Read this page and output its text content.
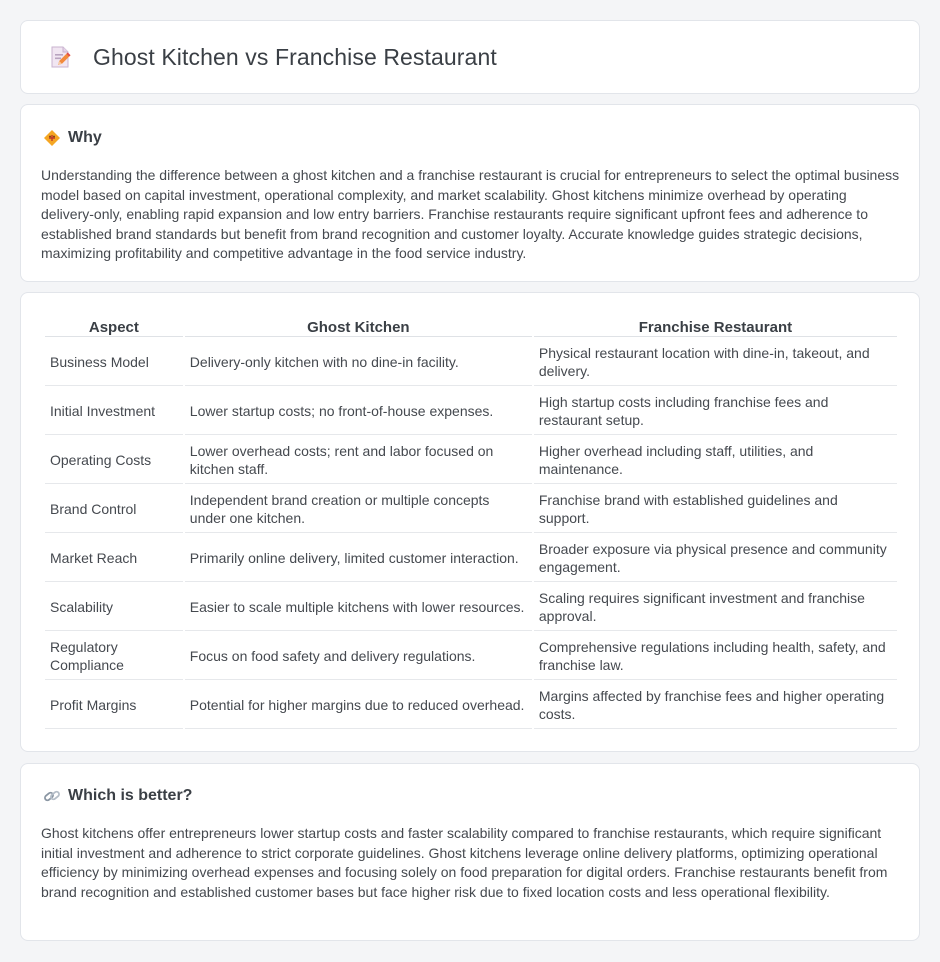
Ghost Kitchen vs Franchise Restaurant
Why

Understanding the difference between a ghost kitchen and a franchise restaurant is crucial for entrepreneurs to select the optimal business model based on capital investment, operational complexity, and market scalability. Ghost kitchens minimize overhead by operating delivery-only, enabling rapid expansion and low entry barriers. Franchise restaurants require significant upfront fees and adherence to established brand standards but benefit from brand recognition and customer loyalty. Accurate knowledge guides strategic decisions, maximizing profitability and competitive advantage in the food service industry.

Aspect	Ghost Kitchen	Franchise Restaurant
Business Model	Delivery-only kitchen with no dine-in facility.	Physical restaurant location with dine-in, takeout, and delivery.
Initial Investment	Lower startup costs; no front-of-house expenses.	High startup costs including franchise fees and restaurant setup.
Operating Costs	Lower overhead costs; rent and labor focused on kitchen staff.	Higher overhead including staff, utilities, and maintenance.
Brand Control	Independent brand creation or multiple concepts under one kitchen.	Franchise brand with established guidelines and support.
Market Reach	Primarily online delivery, limited customer interaction.	Broader exposure via physical presence and community engagement.
Scalability	Easier to scale multiple kitchens with lower resources.	Scaling requires significant investment and franchise approval.
Regulatory Compliance	Focus on food safety and delivery regulations.	Comprehensive regulations including health, safety, and franchise law.
Profit Margins	Potential for higher margins due to reduced overhead.	Margins affected by franchise fees and higher operating costs.
Which is better?

Ghost kitchens offer entrepreneurs lower startup costs and faster scalability compared to franchise restaurants, which require significant initial investment and adherence to strict corporate guidelines. Ghost kitchens leverage online delivery platforms, optimizing operational efficiency by minimizing overhead expenses and focusing solely on food preparation for digital orders. Franchise restaurants benefit from brand recognition and established customer bases but face higher risk due to fixed location costs and less operational flexibility.
